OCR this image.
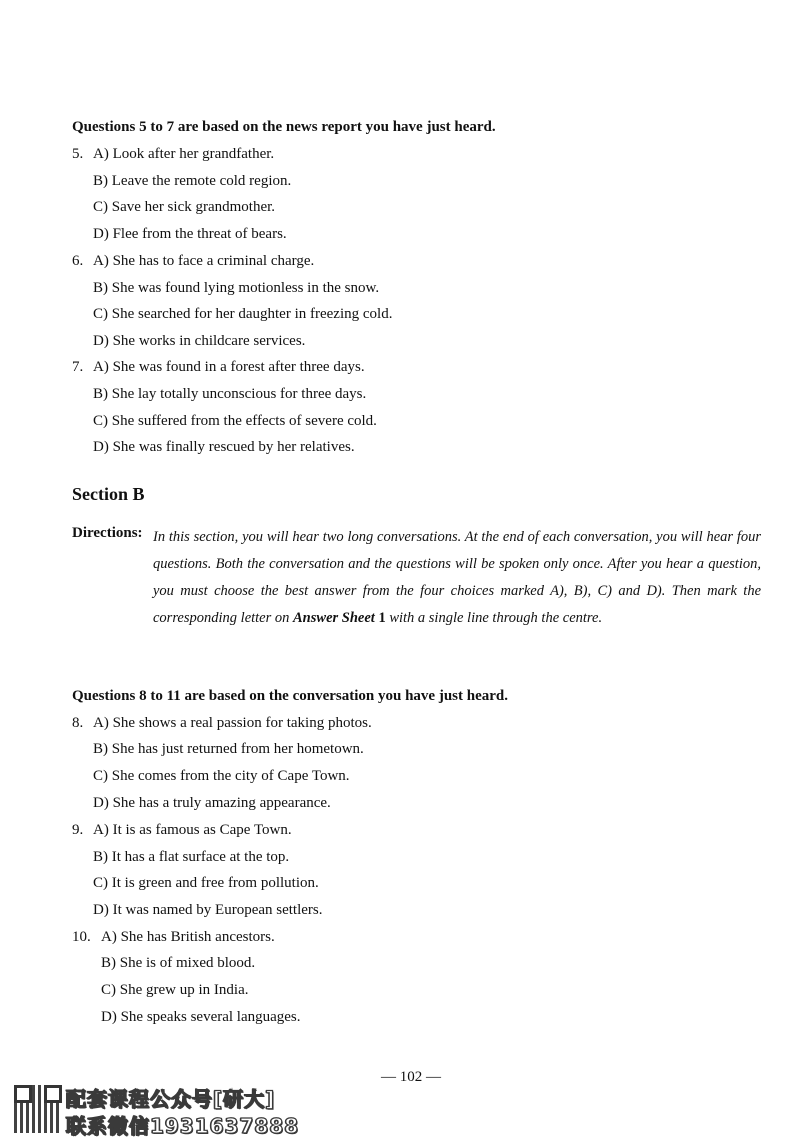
Questions 5 to 7 are based on the news report you have just heard.
5. A) Look after her grandfather.
B) Leave the remote cold region.
C) Save her sick grandmother.
D) Flee from the threat of bears.
6. A) She has to face a criminal charge.
B) She was found lying motionless in the snow.
C) She searched for her daughter in freezing cold.
D) She works in childcare services.
7. A) She was found in a forest after three days.
B) She lay totally unconscious for three days.
C) She suffered from the effects of severe cold.
D) She was finally rescued by her relatives.
Section B
Directions: In this section, you will hear two long conversations. At the end of each conversation, you will hear four questions. Both the conversation and the questions will be spoken only once. After you hear a question, you must choose the best answer from the four choices marked A), B), C) and D). Then mark the corresponding letter on Answer Sheet 1 with a single line through the centre.
Questions 8 to 11 are based on the conversation you have just heard.
8. A) She shows a real passion for taking photos.
B) She has just returned from her hometown.
C) She comes from the city of Cape Town.
D) She has a truly amazing appearance.
9. A) It is as famous as Cape Town.
B) It has a flat surface at the top.
C) It is green and free from pollution.
D) It was named by European settlers.
10. A) She has British ancestors.
B) She is of mixed blood.
C) She grew up in India.
D) She speaks several languages.
— 102 —
配套课程公众号[研大]
联系微信1931637888
